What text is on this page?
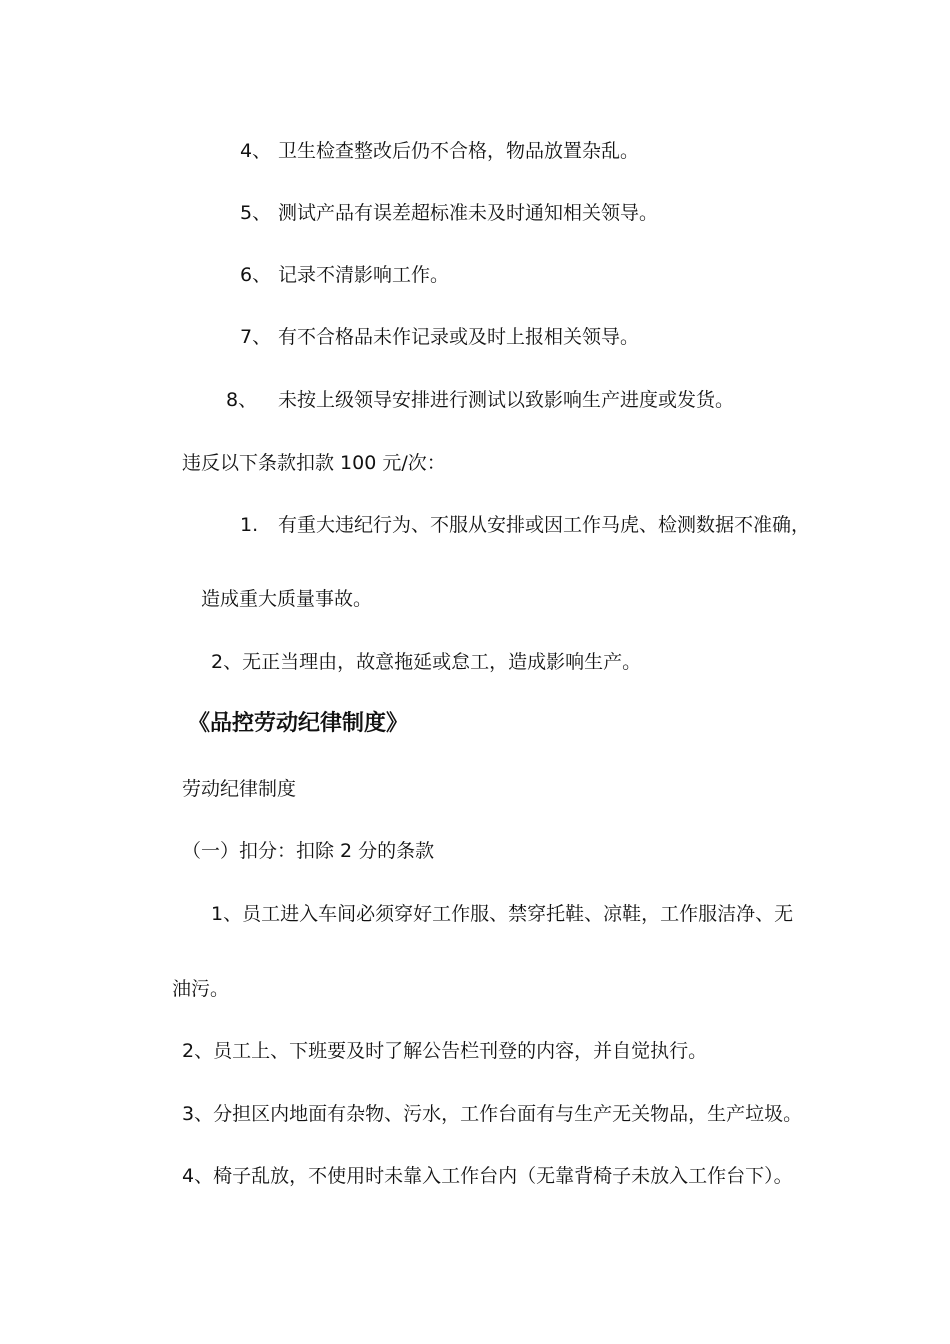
4、 卫生检查整改后仍不合格，物品放置杂乱。
5、 测试产品有误差超标准未及时通知相关领导。
6、 记录不清影响工作。
7、 有不合格品未作记录或及时上报相关领导。
8、 未按上级领导安排进行测试以致影响生产进度或发货。
违反以下条款扣款 100 元/次：
1. 有重大违纪行为、不服从安排或因工作马虎、检测数据不准确，
造成重大质量事故。
2、无正当理由，故意拖延或怠工，造成影响生产。
《品控劳动纪律制度》
劳动纪律制度
（一）扣分：扣除 2 分的条款
1、员工进入车间必须穿好工作服、禁穿托鞋、凉鞋，工作服洁净、无
油污。
2、员工上、下班要及时了解公告栏刊登的内容，并自觉执行。
3、分担区内地面有杂物、污水，工作台面有与生产无关物品，生产垃圾。
4、椅子乱放，不使用时未靠入工作台内（无靠背椅子未放入工作台下）。
